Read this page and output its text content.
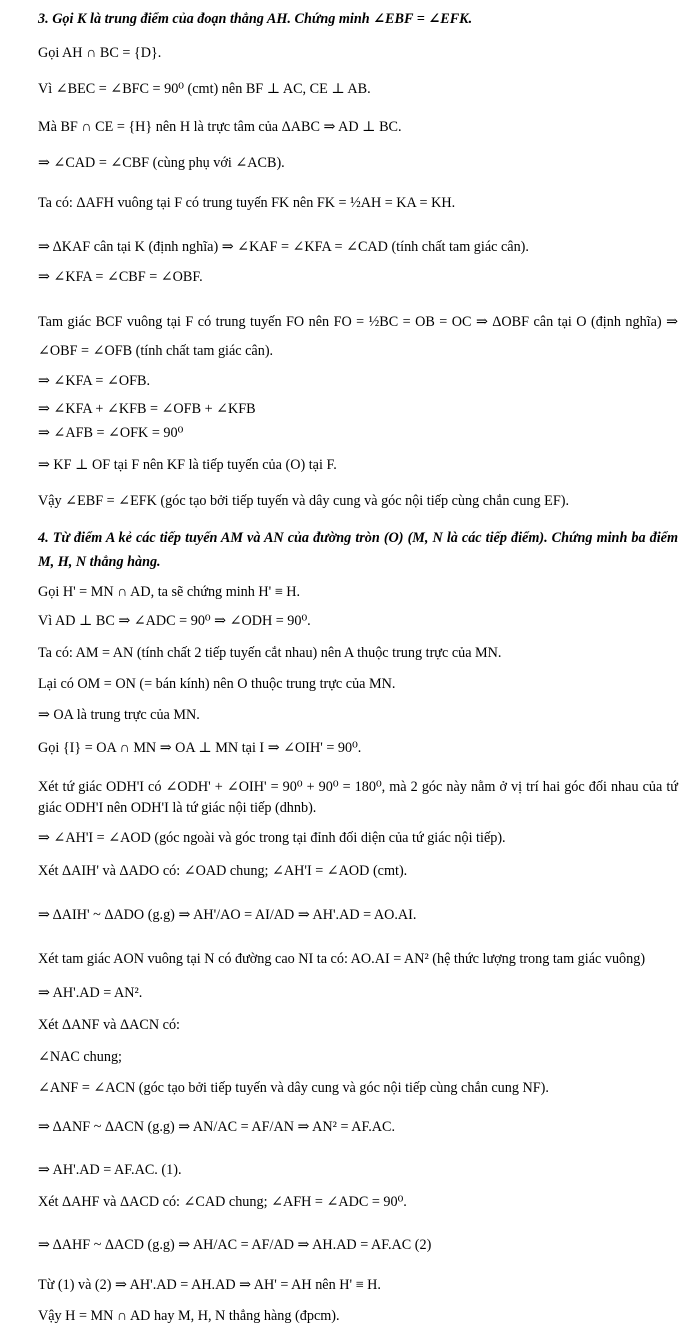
3. Gọi K là trung điểm của đoạn thẳng AH. Chứng minh ∠EBF = ∠EFK.
Gọi AH ∩ BC = {D}.
Vì ∠BEC = ∠BFC = 90⁰ (cmt) nên BF ⊥ AC, CE ⊥ AB.
Mà BF ∩ CE = {H} nên H là trực tâm của ΔABC ⇒ AD ⊥ BC.
⇒ ∠CAD = ∠CBF (cùng phụ với ∠ACB).
Ta có: ΔAFH vuông tại F có trung tuyến FK nên FK = ½AH = KA = KH.
⇒ ΔKAF cân tại K (định nghĩa) ⇒ ∠KAF = ∠KFA = ∠CAD (tính chất tam giác cân).
⇒ ∠KFA = ∠CBF = ∠OBF.
Tam giác BCF vuông tại F có trung tuyến FO nên FO = ½BC = OB = OC ⇒ ΔOBF cân tại O (định nghĩa) ⇒ ∠OBF = ∠OFB (tính chất tam giác cân).
⇒ ∠KFA = ∠OFB.
⇒ ∠KFA + ∠KFB = ∠OFB + ∠KFB
⇒ ∠AFB = ∠OFK = 90⁰
⇒ KF ⊥ OF tại F nên KF là tiếp tuyến của (O) tại F.
Vậy ∠EBF = ∠EFK (góc tạo bởi tiếp tuyến và dây cung và góc nội tiếp cùng chắn cung EF).
4. Từ điểm A kẻ các tiếp tuyến AM và AN của đường tròn (O) (M, N là các tiếp điểm). Chứng minh ba điểm M, H, N thẳng hàng.
Gọi H' = MN ∩ AD, ta sẽ chứng minh H' ≡ H.
Vì AD ⊥ BC ⇒ ∠ADC = 90⁰ ⇒ ∠ODH = 90⁰.
Ta có: AM = AN (tính chất 2 tiếp tuyến cắt nhau) nên A thuộc trung trực của MN.
Lại có OM = ON (= bán kính) nên O thuộc trung trực của MN.
⇒ OA là trung trực của MN.
Gọi {I} = OA ∩ MN ⇒ OA ⊥ MN tại I ⇒ ∠OIH' = 90⁰.
Xét tứ giác ODH'I có ∠ODH' + ∠OIH' = 90⁰ + 90⁰ = 180⁰, mà 2 góc này nằm ở vị trí hai góc đối nhau của tứ giác ODH'I nên ODH'I là tứ giác nội tiếp (dhnb).
⇒ ∠AH'I = ∠AOD (góc ngoài và góc trong tại đỉnh đối diện của tứ giác nội tiếp).
Xét ΔAIH' và ΔADO có: ∠OAD chung; ∠AH'I = ∠AOD (cmt).
⇒ ΔAIH' ~ ΔADO (g.g) ⇒ AH'/AO = AI/AD ⇒ AH'.AD = AO.AI.
Xét tam giác AON vuông tại N có đường cao NI ta có: AO.AI = AN² (hệ thức lượng trong tam giác vuông)
⇒ AH'.AD = AN².
Xét ΔANF và ΔACN có:
∠NAC chung;
∠ANF = ∠ACN (góc tạo bởi tiếp tuyến và dây cung và góc nội tiếp cùng chắn cung NF).
⇒ ΔANF ~ ΔACN (g.g) ⇒ AN/AC = AF/AN ⇒ AN² = AF.AC.
⇒ AH'.AD = AF.AC. (1).
Xét ΔAHF và ΔACD có: ∠CAD chung; ∠AFH = ∠ADC = 90⁰.
⇒ ΔAHF ~ ΔACD (g.g) ⇒ AH/AC = AF/AD ⇒ AH.AD = AF.AC (2)
Từ (1) và (2) ⇒ AH'.AD = AH.AD ⇒ AH' = AH nên H' ≡ H.
Vậy H = MN ∩ AD hay M, H, N thẳng hàng (đpcm).
